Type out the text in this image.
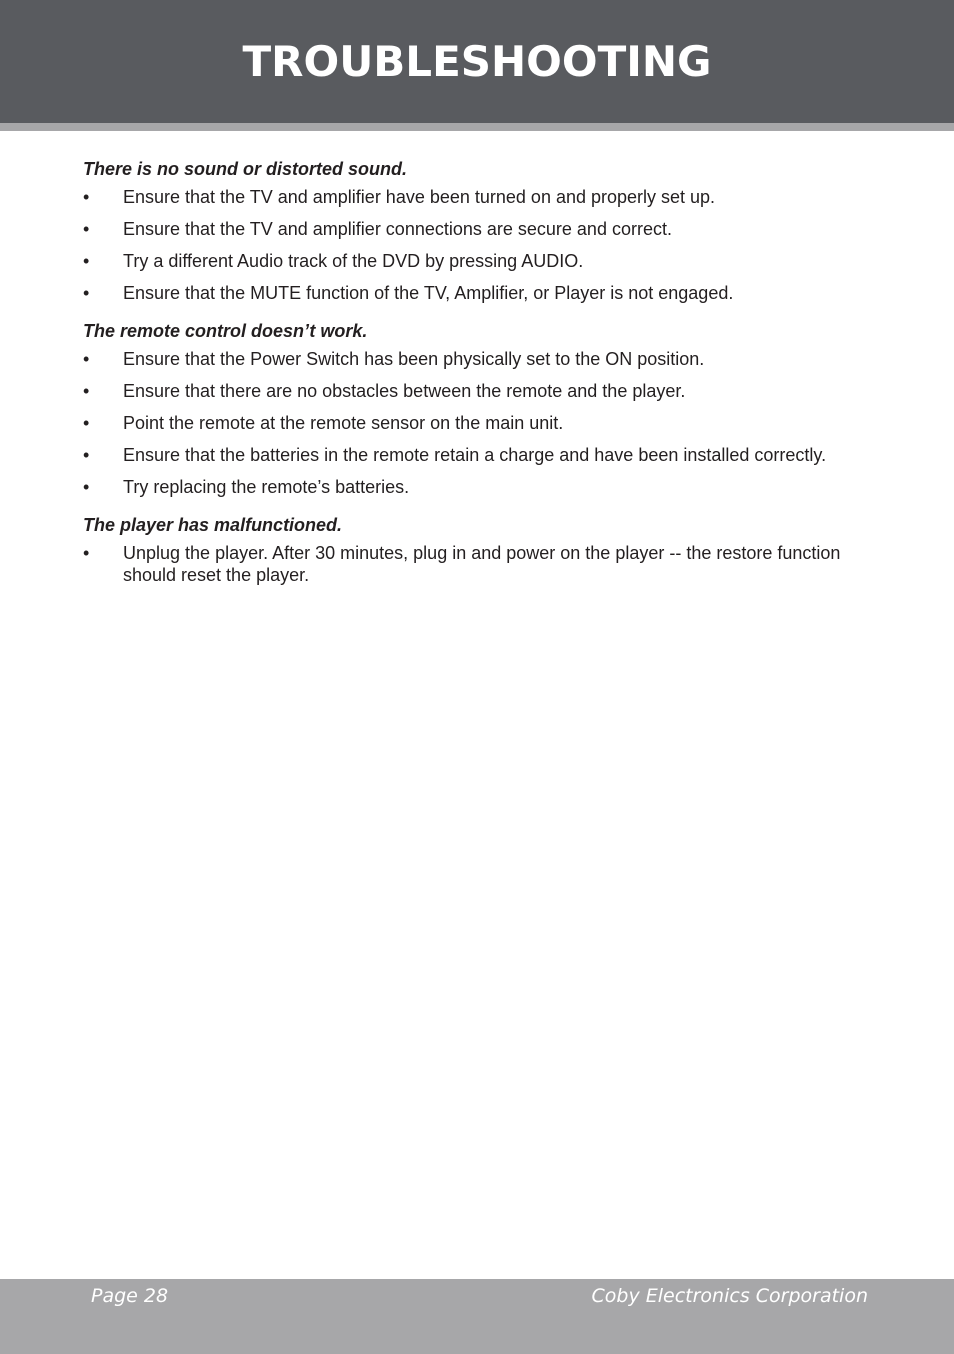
TROUBLESHOOTING
There is no sound or distorted sound.
• Ensure that the TV and amplifier have been turned on and properly set up.
• Ensure that the TV and amplifier connections are secure and correct.
• Try a different Audio track of the DVD by pressing AUDIO.
• Ensure that the MUTE function of the TV, Amplifier, or Player is not engaged.
The remote control doesn’t work.
• Ensure that the Power Switch has been physically set to the ON position.
• Ensure that there are no obstacles between the remote and the player.
• Point the remote at the remote sensor on the main unit.
• Ensure that the batteries in the remote retain a charge and have been installed correctly.
• Try replacing the remote’s batteries.
The player has malfunctioned.
• Unplug the player. After 30 minutes, plug in and power on the player -- the restore function should reset the player.
Page 28	Coby Electronics Corporation
